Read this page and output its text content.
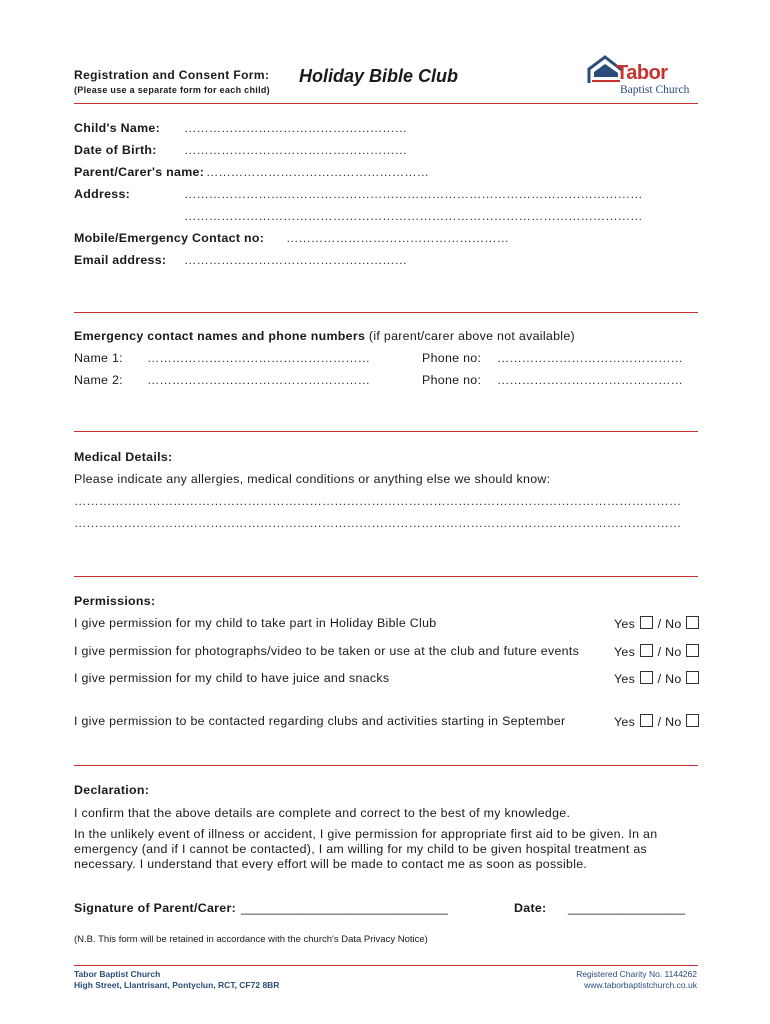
Registration and Consent Form:
(Please use a separate form for each child)
Holiday Bible Club	Tabor
Baptist Church
Child's Name: ………………………………………………
Date of Birth: ………………………………………………
Parent/Carer's name: ………………………………………………
Address:	…………………………………………………………………………………………………
…………………………………………………………………………………………………
Mobile/Emergency Contact no: ………………………………………………
Email address: ………………………………………………
Emergency contact names and phone numbers (if parent/carer above not available)
Name 1: ………………………………………………	Phone no: ………………………………………
Name 2: ………………………………………………	Phone no: ………………………………………
Medical Details:
Please indicate any allergies, medical conditions or anything else we should know:
…………………………………………………………………………………………………………………………………
…………………………………………………………………………………………………………………………………
Permissions:
I give permission for my child to take part in Holiday Bible Club	Yes / No
I give permission for photographs/video to be taken or use at the club and future events	Yes / No
I give permission for my child to have juice and snacks	Yes / No
I give permission to be contacted regarding clubs and activities starting in September	Yes / No
Declaration:
I confirm that the above details are complete and correct to the best of my knowledge.
In the unlikely event of illness or accident, I give permission for appropriate first aid to be given. In an
emergency (and if I cannot be contacted), I am willing for my child to be given hospital treatment as
necessary. I understand that every effort will be made to contact me as soon as possible.
Signature of Parent/Carer: ______________________________	Date: _________________
(N.B. This form will be retained in accordance with the church's Data Privacy Notice)
Tabor Baptist Church
High Street, Llantrisant, Pontyclun, RCT, CF72 8BR
Registered Charity No. 1144262
www.taborbaptistchurch.co.uk
